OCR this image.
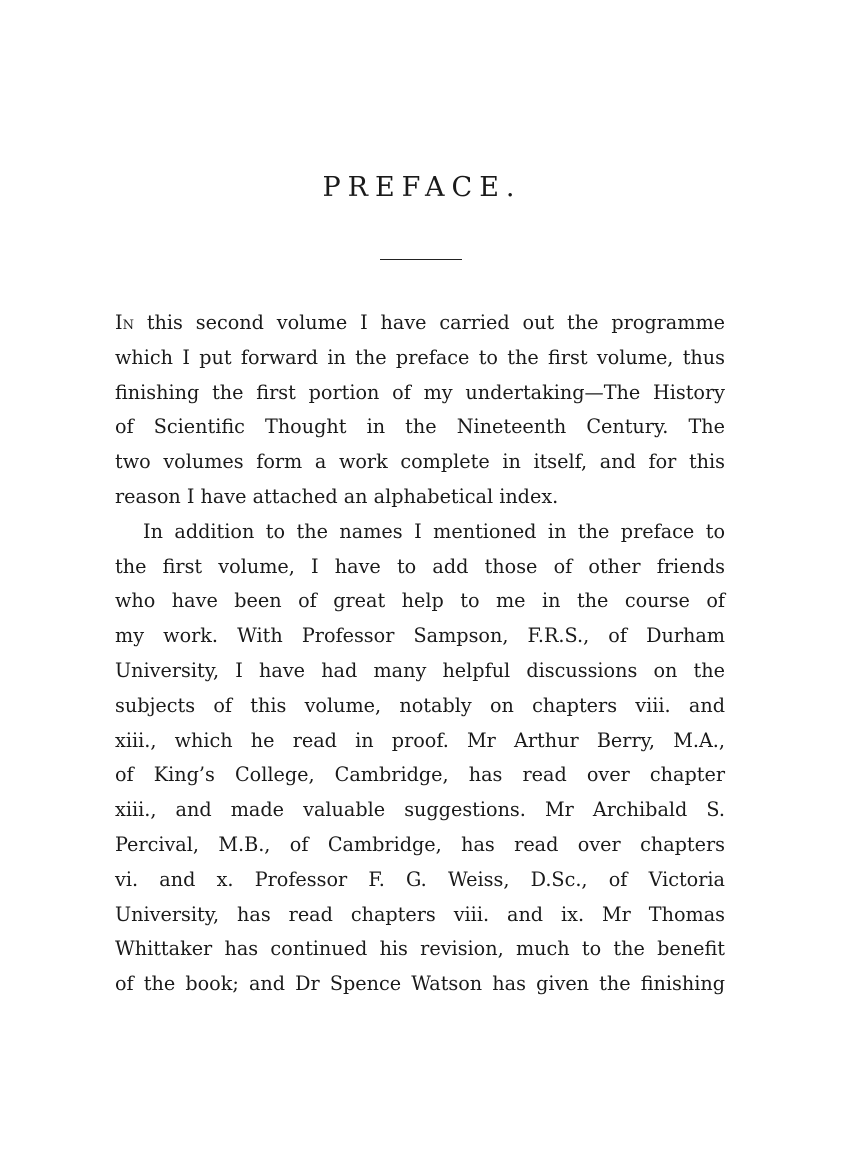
PREFACE.
In this second volume I have carried out the programme
which I put forward in the preface to the first volume, thus
finishing the first portion of my undertaking—The History
of Scientific Thought in the Nineteenth Century. The
two volumes form a work complete in itself, and for this
reason I have attached an alphabetical index.
In addition to the names I mentioned in the preface to
the first volume, I have to add those of other friends
who have been of great help to me in the course of
my work. With Professor Sampson, F.R.S., of Durham
University, I have had many helpful discussions on the
subjects of this volume, notably on chapters viii. and
xiii., which he read in proof. Mr Arthur Berry, M.A.,
of King’s College, Cambridge, has read over chapter
xiii., and made valuable suggestions. Mr Archibald S.
Percival, M.B., of Cambridge, has read over chapters
vi. and x. Professor F. G. Weiss, D.Sc., of Victoria
University, has read chapters viii. and ix. Mr Thomas
Whittaker has continued his revision, much to the benefit
of the book; and Dr Spence Watson has given the finishing
